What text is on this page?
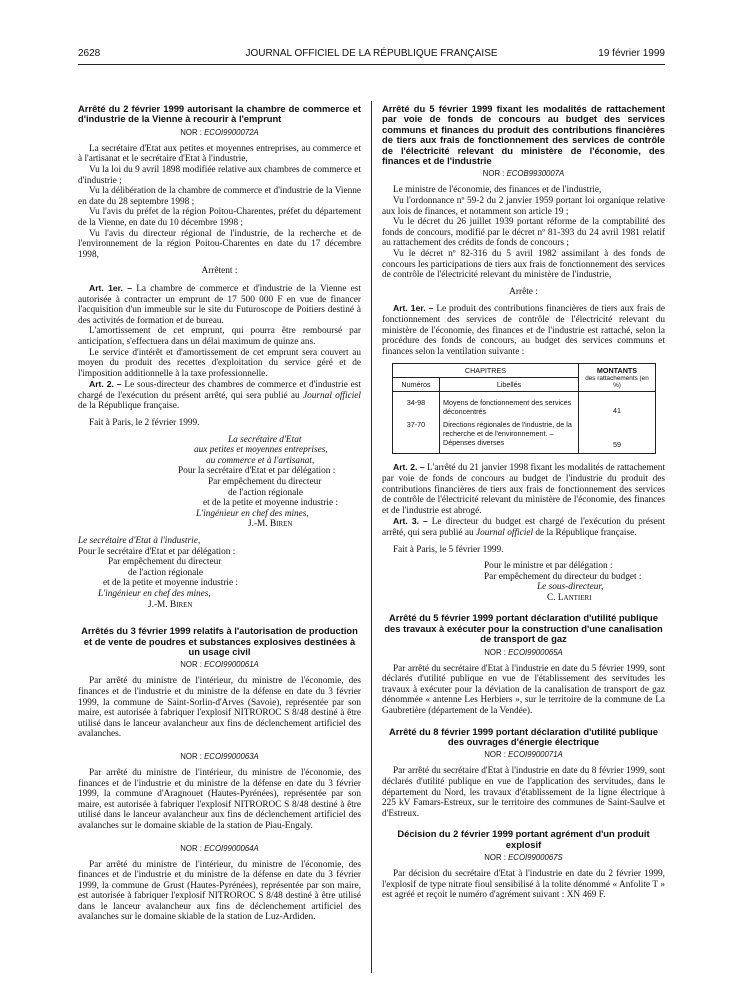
2628	JOURNAL OFFICIEL DE LA RÉPUBLIQUE FRANÇAISE	19 février 1999
Arrêté du 2 février 1999 autorisant la chambre de commerce et d'industrie de la Vienne à recourir à l'emprunt
NOR : ECOI9900072A

La secrétaire d'Etat aux petites et moyennes entreprises, au commerce et à l'artisanat et le secrétaire d'Etat à l'industrie,

Vu la loi du 9 avril 1898 modifiée relative aux chambres de commerce et d'industrie ;

Vu la délibération de la chambre de commerce et d'industrie de la Vienne en date du 28 septembre 1998 ;

Vu l'avis du préfet de la région Poitou-Charentes, préfet du département de la Vienne, en date du 10 décembre 1998 ;

Vu l'avis du directeur régional de l'industrie, de la recherche et de l'environnement de la région Poitou-Charentes en date du 17 décembre 1998,

Arrêtent :

Art. 1er. – La chambre de commerce et d'industrie de la Vienne est autorisée à contracter un emprunt de 17 500 000 F en vue de financer l'acquisition d'un immeuble sur le site du Futuroscope de Poitiers destiné à des activités de formation et de bureau.

L'amortissement de cet emprunt, qui pourra être remboursé par anticipation, s'effectuera dans un délai maximum de quinze ans.

Le service d'intérêt et d'amortissement de cet emprunt sera couvert au moyen du produit des recettes d'exploitation du service géré et de l'imposition additionnelle à la taxe professionnelle.

Art. 2. – Le sous-directeur des chambres de commerce et d'industrie est chargé de l'exécution du présent arrêté, qui sera publié au Journal officiel de la République française.

Fait à Paris, le 2 février 1999.

La secrétaire d'Etat
aux petites et moyennes entreprises,
au commerce et à l'artisanat,
Pour la secrétaire d'Etat et par délégation :
Par empêchement du directeur
de l'action régionale
et de la petite et moyenne industrie :
L'ingénieur en chef des mines,
J.-M. Biren
Le secrétaire d'Etat à l'industrie,
Pour le secrétaire d'Etat et par délégation :
Par empêchement du directeur
de l'action régionale
et de la petite et moyenne industrie :
L'ingénieur en chef des mines,
J.-M. Biren
Arrêtés du 3 février 1999 relatifs à l'autorisation de production et de vente de poudres et substances explosives destinées à un usage civil
NOR : ECOI9900061A

Par arrêté du ministre de l'intérieur, du ministre de l'économie, des finances et de l'industrie et du ministre de la défense en date du 3 février 1999, la commune de Saint-Sorlin-d'Arves (Savoie), représentée par son maire, est autorisée à fabriquer l'explosif NITROROC S 8/48 destiné à être utilisé dans le lanceur avalancheur aux fins de déclenchement artificiel des avalanches.

NOR : ECOI9900063A

Par arrêté du ministre de l'intérieur, du ministre de l'économie, des finances et de l'industrie et du ministre de la défense en date du 3 février 1999, la commune d'Aragnouet (Hautes-Pyrénées), représentée par son maire, est autorisée à fabriquer l'explosif NITROROC S 8/48 destiné à être utilisé dans le lanceur avalancheur aux fins de déclenchement artificiel des avalanches sur le domaine skiable de la station de Piau-Engaly.

NOR : ECOI9900064A

Par arrêté du ministre de l'intérieur, du ministre de l'économie, des finances et de l'industrie et du ministre de la défense en date du 3 février 1999, la commune de Grust (Hautes-Pyrénées), représentée par son maire, est autorisée à fabriquer l'explosif NITROROC S 8/48 destiné à être utilisé dans le lanceur avalancheur aux fins de déclenchement artificiel des avalanches sur le domaine skiable de la station de Luz-Ardiden.

Arrêté du 5 février 1999 fixant les modalités de rattachement par voie de fonds de concours au budget des services communs et finances du produit des contributions financières de tiers aux frais de fonctionnement des services de contrôle de l'électricité relevant du ministère de l'économie, des finances et de l'industrie
NOR : ECOB9930007A

Le ministre de l'économie, des finances et de l'industrie,

Vu l'ordonnance nº 59-2 du 2 janvier 1959 portant loi organique relative aux lois de finances, et notamment son article 19 ;

Vu le décret du 26 juillet 1939 portant réforme de la comptabilité des fonds de concours, modifié par le décret nº 81-393 du 24 avril 1981 relatif au rattachement des crédits de fonds de concours ;

Vu le décret nº 82-316 du 5 avril 1982 assimilant à des fonds de concours les participations de tiers aux frais de fonctionnement des services de contrôle de l'électricité relevant du ministère de l'industrie,

Arrête :

Art. 1er. – Le produit des contributions financières de tiers aux frais de fonctionnement des services de contrôle de l'électricité relevant du ministère de l'économie, des finances et de l'industrie est rattaché, selon la procédure des fonds de concours, au budget des services communs et finances selon la ventilation suivante :

CHAPITRES		MONTANTS
des rattachements (en %)

Numéros	Libellés	
34-98	Moyens de fonctionnement des services déconcentrés	41
37-70	Directions régionales de l'industrie, de la recherche et de l'environnement. – Dépenses diverses	59

Art. 2. – L'arrêté du 21 janvier 1998 fixant les modalités de rattachement par voie de fonds de concours au budget de l'industrie du produit des contributions financières de tiers aux frais de fonctionnement des services de contrôle de l'électricité relevant du ministère de l'économie, des finances et de l'industrie est abrogé.

Art. 3. – Le directeur du budget est chargé de l'exécution du présent arrêté, qui sera publié au Journal officiel de la République française.

Fait à Paris, le 5 février 1999.

Pour le ministre et par délégation :
Par empêchement du directeur du budget :
Le sous-directeur,
C. Lantieri
Arrêté du 5 février 1999 portant déclaration d'utilité publique des travaux à exécuter pour la construction d'une canalisation de transport de gaz
NOR : ECOI9900065A

Par arrêté du secrétaire d'Etat à l'industrie en date du 5 février 1999, sont déclarés d'utilité publique en vue de l'établissement des servitudes les travaux à exécuter pour la déviation de la canalisation de transport de gaz dénommée « antenne Les Herbiers », sur le territoire de la commune de La Gaubretière (département de la Vendée).

Arrêté du 8 février 1999 portant déclaration d'utilité publique des ouvrages d'énergie électrique
NOR : ECOI9900071A

Par arrêté du secrétaire d'Etat à l'industrie en date du 8 février 1999, sont déclarés d'utilité publique en vue de l'application des servitudes, dans le département du Nord, les travaux d'établissement de la ligne électrique à 225 kV Famars-Estreux, sur le territoire des communes de Saint-Saulve et d'Estreux.

Décision du 2 février 1999 portant agrément d'un produit explosif
NOR : ECOI9900067S

Par décision du secrétaire d'Etat à l'industrie en date du 2 février 1999, l'explosif de type nitrate fioul sensibilisé à la tolite dénommé « Anfolite T » est agréé et reçoit le numéro d'agrément suivant : XN 469 F.
